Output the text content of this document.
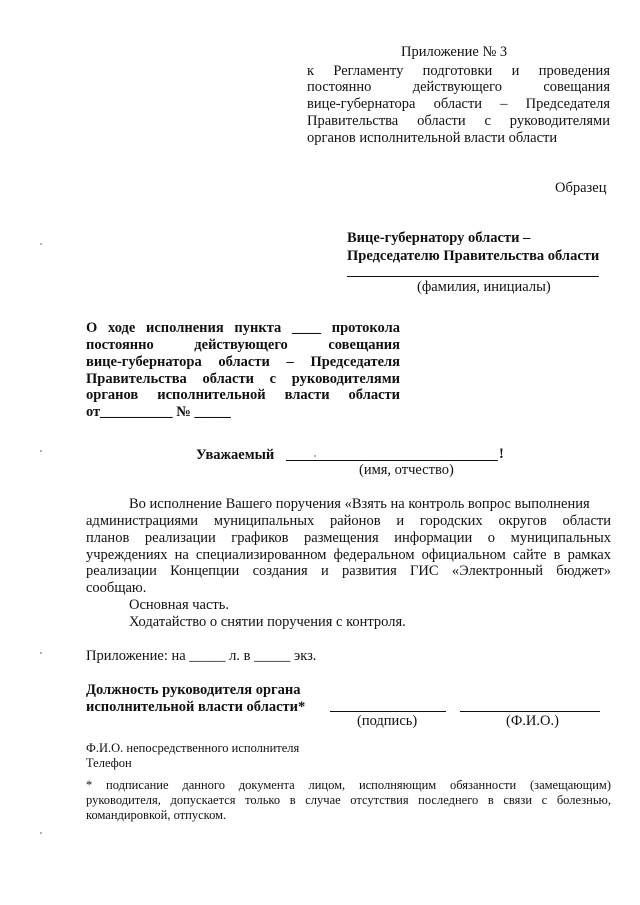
Приложение № 3
к Регламенту подготовки и проведения
постоянно действующего совещания
вице-губернатора области – Председателя
Правительства области с руководителями
органов исполнительной власти области
Образец
Вице-губернатору области –
Председателю Правительства области
(фамилия, инициалы)
О ходе исполнения пункта ____ протокола
постоянно действующего совещания
вице-губернатора области – Председателя
Правительства области с руководителями
органов исполнительной власти области
от__________ № _____
Уважаемый	!
(имя, отчество)
Во исполнение Вашего поручения «Взять на контроль вопрос выполнения
администрациями муниципальных районов и городских округов области
планов реализации графиков размещения информации о муниципальных
учреждениях на специализированном федеральном официальном сайте в рамках
реализации Концепции создания и развития ГИС «Электронный бюджет»
сообщаю.
Основная часть.
Ходатайство о снятии поручения с контроля.
Приложение: на _____ л. в _____ экз.
Должность руководителя органа
исполнительной власти области*
(подпись)	(Ф.И.О.)
Ф.И.О. непосредственного исполнителя
Телефон
* подписание данного документа лицом, исполняющим обязанности (замещающим)
руководителя, допускается только в случае отсутствия последнего в связи с болезнью,
командировкой, отпуском.
